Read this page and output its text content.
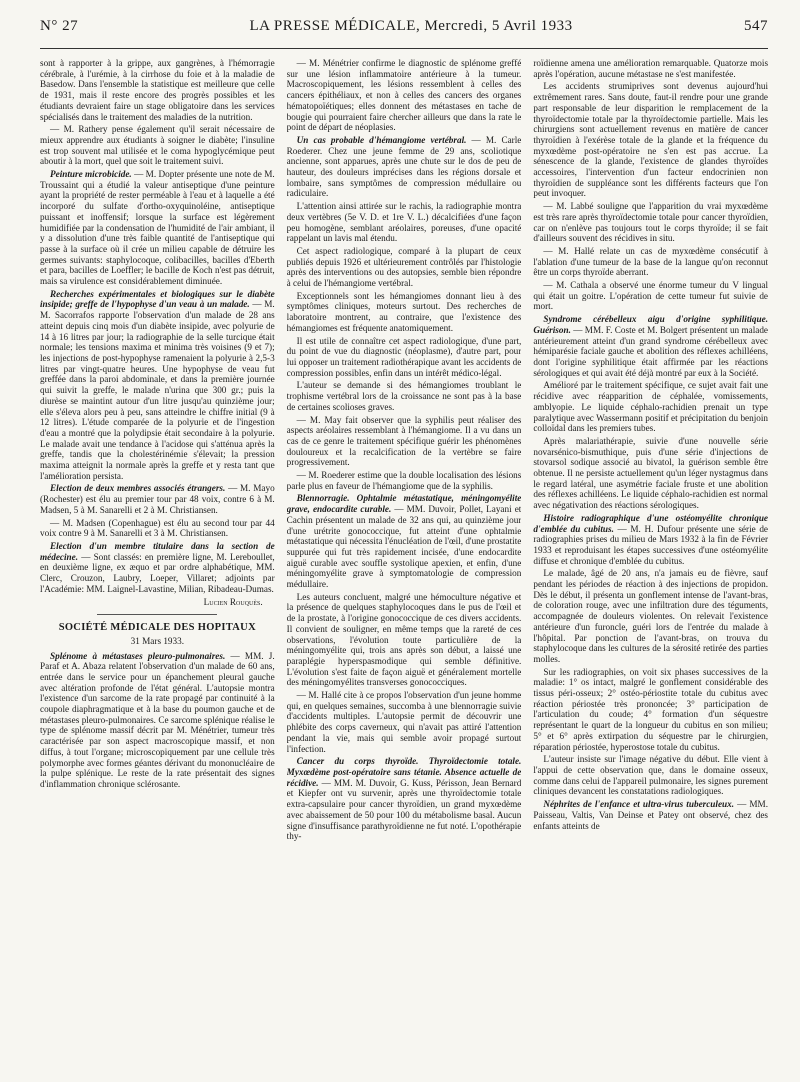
N° 27	LA PRESSE MÉDICALE, Mercredi, 5 Avril 1933	547

sont à rapporter à la grippe, aux gangrènes, à l'hémorragie cérébrale, à l'urémie, à la cirrhose du foie et à la maladie de Basedow. Dans l'ensemble la statistique est meilleure que celle de 1931, mais il reste encore des progrès possibles et les étudiants devraient faire un stage obligatoire dans les services spécialisés dans le traitement des maladies de la nutrition.

— M. Rathery pense également qu'il serait nécessaire de mieux apprendre aux étudiants à soigner le diabète; l'insuline est trop souvent mal utilisée et le coma hypoglycémique peut aboutir à la mort, quel que soit le traitement suivi.

Peinture microbicide. — M. Dopter présente une note de M. Troussaint qui a étudié la valeur antiseptique d'une peinture ayant la propriété de rester perméable à l'eau et à laquelle a été incorporé du sulfate d'ortho-oxyquinoléine, antiseptique puissant et inoffensif; lorsque la surface est légèrement humidifiée par la condensation de l'humidité de l'air ambiant, il y a dissolution d'une très faible quantité de l'antiseptique qui passe à la surface où il crée un milieu capable de détruire les germes suivants: staphylocoque, colibacilles, bacilles d'Eberth et para, bacilles de Loeffler; le bacille de Koch n'est pas détruit, mais sa virulence est considérablement diminuée.

Recherches expérimentales et biologiques sur le diabète insipide; greffe de l'hypophyse d'un veau à un malade. — M. M. Sacorrafos rapporte l'observation d'un malade de 28 ans atteint depuis cinq mois d'un diabète insipide, avec polyurie de 14 à 16 litres par jour; la radiographie de la selle turcique était normale; les tensions maxima et minima très voisines (9 et 7); les injections de post-hypophyse ramenaient la polyurie à 2,5-3 litres par vingt-quatre heures. Une hypophyse de veau fut greffée dans la paroi abdominale, et dans la première journée qui suivit la greffe, le malade n'urina que 300 gr.; puis la diurèse se maintint autour d'un litre jusqu'au quinzième jour; elle s'éleva alors peu à peu, sans atteindre le chiffre initial (9 à 12 litres). L'étude comparée de la polyurie et de l'ingestion d'eau a montré que la polydipsie était secondaire à la polyurie. Le malade avait une tendance à l'acidose qui s'atténua après la greffe, tandis que la cholestérinémie s'élevait; la pression maxima atteignit la normale après la greffe et y resta tant que l'amélioration persista.

Election de deux membres associés étrangers. — M. Mayo (Rochester) est élu au premier tour par 48 voix, contre 6 à M. Madsen, 5 à M. Sanarelli et 2 à M. Christiansen.

— M. Madsen (Copenhague) est élu au second tour par 44 voix contre 9 à M. Sanarelli et 3 à M. Christiansen.

Election d'un membre titulaire dans la section de médecine. — Sont classés: en première ligne, M. Lereboullet, en deuxième ligne, ex æquo et par ordre alphabétique, MM. Clerc, Crouzon, Laubry, Loeper, Villaret; adjoints par l'Académie: MM. Laignel-Lavastine, Milian, Ribadeau-Dumas.

Lucien Rouquès.

SOCIÉTÉ MÉDICALE DES HOPITAUX

31 Mars 1933.

Splénome à métastases pleuro-pulmonaires. — MM. J. Paraf et A. Abaza relatent l'observation d'un malade de 60 ans, entrée dans le service pour un épanchement pleural gauche avec altération profonde de l'état général. L'autopsie montra l'existence d'un sarcome de la rate propagé par continuité à la coupole diaphragmatique et à la base du poumon gauche et de métastases pleuro-pulmonaires. Ce sarcome splénique réalise le type de splénome massif décrit par M. Ménétrier, tumeur très caractérisée par son aspect macroscopique massif, et non diffus, à tout l'organe; microscopiquement par une cellule très polymorphe avec formes géantes dérivant du mononucléaire de la pulpe splénique. Le reste de la rate présentait des signes d'inflammation chronique sclérosante.

— M. Ménétrier confirme le diagnostic de splénome greffé sur une lésion inflammatoire antérieure à la tumeur. Macroscopiquement, les lésions ressemblent à celles des cancers épithéliaux, et non à celles des cancers des organes hématopoïétiques; elles donnent des métastases en tache de bougie qui pourraient faire chercher ailleurs que dans la rate le point de départ de néoplasies.

Un cas probable d'hémangiome vertébral. — M. Carle Roederer. Chez une jeune femme de 29 ans, scoliotique ancienne, sont apparues, après une chute sur le dos de peu de hauteur, des douleurs imprécises dans les régions dorsale et lombaire, sans symptômes de compression médullaire ou radiculaire.

L'attention ainsi attirée sur le rachis, la radiographie montra deux vertèbres (5e V. D. et 1re V. L.) décalcifiées d'une façon peu homogène, semblant aréolaires, poreuses, d'une opacité rappelant un lavis mal étendu.

Cet aspect radiologique, comparé à la plupart de ceux publiés depuis 1926 et ultérieurement contrôlés par l'histologie après des interventions ou des autopsies, semble bien répondre à celui de l'hémangiome vertébral.

Exceptionnels sont les hémangiomes donnant lieu à des symptômes cliniques, moteurs surtout. Des recherches de laboratoire montrent, au contraire, que l'existence des hémangiomes est fréquente anatomiquement.

Il est utile de connaître cet aspect radiologique, d'une part, du point de vue du diagnostic (néoplasme), d'autre part, pour lui opposer un traitement radiothérapique avant les accidents de compression possibles, enfin dans un intérêt médico-légal.

L'auteur se demande si des hémangiomes troublant le trophisme vertébral lors de la croissance ne sont pas à la base de certaines scolioses graves.

— M. May fait observer que la syphilis peut réaliser des aspects aréolaires ressemblant à l'hémangiome. Il a vu dans un cas de ce genre le traitement spécifique guérir les phénomènes douloureux et la recalcification de la vertèbre se faire progressivement.

— M. Roederer estime que la double localisation des lésions parle plus en faveur de l'hémangiome que de la syphilis.

Blennorragie. Ophtalmie métastatique, méningomyélite grave, endocardite curable. — MM. Duvoir, Pollet, Layani et Cachin présentent un malade de 32 ans qui, au quinzième jour d'une urétrite gonococcique, fut atteint d'une ophtalmie métastatique qui nécessita l'énucléation de l'œil, d'une prostatite suppurée qui fut très rapidement incisée, d'une endocardite aiguë curable avec souffle systolique apexien, et enfin, d'une méningomyélite grave à symptomatologie de compression médullaire.

Les auteurs concluent, malgré une hémoculture négative et la présence de quelques staphylocoques dans le pus de l'œil et de la prostate, à l'origine gonococcique de ces divers accidents. Il convient de souligner, en même temps que la rareté de ces observations, l'évolution toute particulière de la méningomyélite qui, trois ans après son début, a laissé une paraplégie hyperspasmodique qui semble définitive. L'évolution s'est faite de façon aiguë et généralement mortelle des méningomyélites transverses gonococciques.

— M. Hallé cite à ce propos l'observation d'un jeune homme qui, en quelques semaines, succomba à une blennorragie suivie d'accidents multiples. L'autopsie permit de découvrir une phlébite des corps caverneux, qui n'avait pas attiré l'attention pendant la vie, mais qui semble avoir propagé surtout l'infection.

Cancer du corps thyroïde. Thyroïdectomie totale. Myxœdème post-opératoire sans tétanie. Absence actuelle de récidive. — MM. M. Duvoir, G. Kuss, Périsson, Jean Bernard et Kiepfer ont vu survenir, après une thyroïdectomie totale extra-capsulaire pour cancer thyroïdien, un grand myxœdème avec abaissement de 50 pour 100 du métabolisme basal. Aucun signe d'insuffisance parathyroïdienne ne fut noté. L'opothérapie thy-

roïdienne amena une amélioration remarquable. Quatorze mois après l'opération, aucune métastase ne s'est manifestée.

Les accidents strumiprives sont devenus aujourd'hui extrêmement rares. Sans doute, faut-il rendre pour une grande part responsable de leur disparition le remplacement de la thyroïdectomie totale par la thyroïdectomie partielle. Mais les chirurgiens sont actuellement revenus en matière de cancer thyroïdien à l'exérèse totale de la glande et la fréquence du myxœdème post-opératoire ne s'en est pas accrue. La sénescence de la glande, l'existence de glandes thyroïdes accessoires, l'intervention d'un facteur endocrinien non thyroïdien de suppléance sont les différents facteurs que l'on peut invoquer.

— M. Labbé souligne que l'apparition du vrai myxœdème est très rare après thyroïdectomie totale pour cancer thyroïdien, car on n'enlève pas toujours tout le corps thyroïde; il se fait d'ailleurs souvent des récidives in situ.

— M. Hallé relate un cas de myxœdème consécutif à l'ablation d'une tumeur de la base de la langue qu'on reconnut être un corps thyroïde aberrant.

— M. Cathala a observé une énorme tumeur du V lingual qui était un goitre. L'opération de cette tumeur fut suivie de mort.

Syndrome cérébelleux aigu d'origine syphilitique. Guérison. — MM. F. Coste et M. Bolgert présentent un malade antérieurement atteint d'un grand syndrome cérébelleux avec hémiparésie faciale gauche et abolition des réflexes achilléens, dont l'origine syphilitique était affirmée par les réactions sérologiques et qui avait été déjà montré par eux à la Société.

Amélioré par le traitement spécifique, ce sujet avait fait une récidive avec réapparition de céphalée, vomissements, amblyopie. Le liquide céphalo-rachidien prenait un type paralytique avec Wassermann positif et précipitation du benjoin colloïdal dans les premiers tubes.

Après malariathérapie, suivie d'une nouvelle série novarsénico-bismuthique, puis d'une série d'injections de stovarsol sodique associé au bivatol, la guérison semble être obtenue. Il ne persiste actuellement qu'un léger nystagmus dans le regard latéral, une asymétrie faciale fruste et une abolition des réflexes achilléens. Le liquide céphalo-rachidien est normal avec négativation des réactions sérologiques.

Histoire radiographique d'une ostéomyélite chronique d'emblée du cubitus. — M. H. Dufour présente une série de radiographies prises du milieu de Mars 1932 à la fin de Février 1933 et reproduisant les étapes successives d'une ostéomyélite diffuse et chronique d'emblée du cubitus.

Le malade, âgé de 20 ans, n'a jamais eu de fièvre, sauf pendant les périodes de réaction à des injections de propidon. Dès le début, il présenta un gonflement intense de l'avant-bras, de coloration rouge, avec une infiltration dure des téguments, accompagnée de douleurs violentes. On relevait l'existence antérieure d'un furoncle, guéri lors de l'entrée du malade à l'hôpital. Par ponction de l'avant-bras, on trouva du staphylocoque dans les cultures de la sérosité retirée des parties molles.

Sur les radiographies, on voit six phases successives de la maladie: 1° os intact, malgré le gonflement considérable des tissus péri-osseux; 2° ostéo-périostite totale du cubitus avec réaction périostée très prononcée; 3° participation de l'articulation du coude; 4° formation d'un séquestre représentant le quart de la longueur du cubitus en son milieu; 5° et 6° après extirpation du séquestre par le chirurgien, réparation périostée, hyperostose totale du cubitus.

L'auteur insiste sur l'image négative du début. Elle vient à l'appui de cette observation que, dans le domaine osseux, comme dans celui de l'appareil pulmonaire, les signes purement cliniques devancent les constatations radiologiques.

Néphrites de l'enfance et ultra-virus tuberculeux. — MM. Paisseau, Valtis, Van Deinse et Patey ont observé, chez des enfants atteints de
